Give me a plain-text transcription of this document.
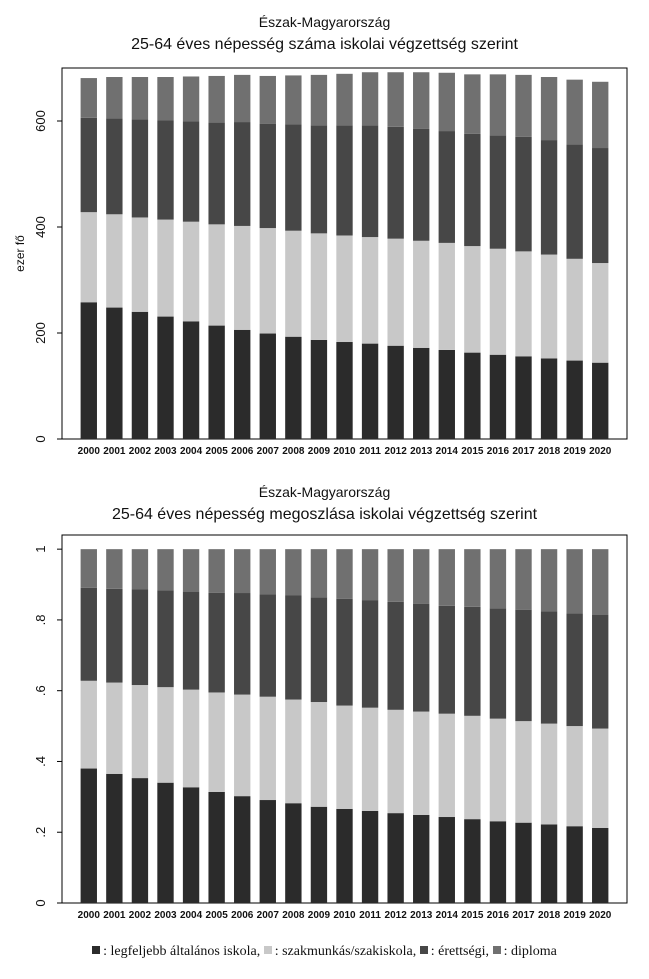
Észak-Magyarország
25-64 éves népesség száma iskolai végzettség szerint
0
200
400
600
ezer fő
2000 2001 2002 2003 2004 2005 2006 2007 2008 2009 2010 2011 2012 2013 2014 2015 2016 2017 2018 2019 2020
Észak-Magyarország
25-64 éves népesség megoszlása iskolai végzettség szerint
0
.2
.4
.6
.8
1
2000 2001 2002 2003 2004 2005 2006 2007 2008 2009 2010 2011 2012 2013 2014 2015 2016 2017 2018 2019 2020
: legfeljebb általános iskola, : szakmunkás/szakiskola, : érettségi, : diploma
